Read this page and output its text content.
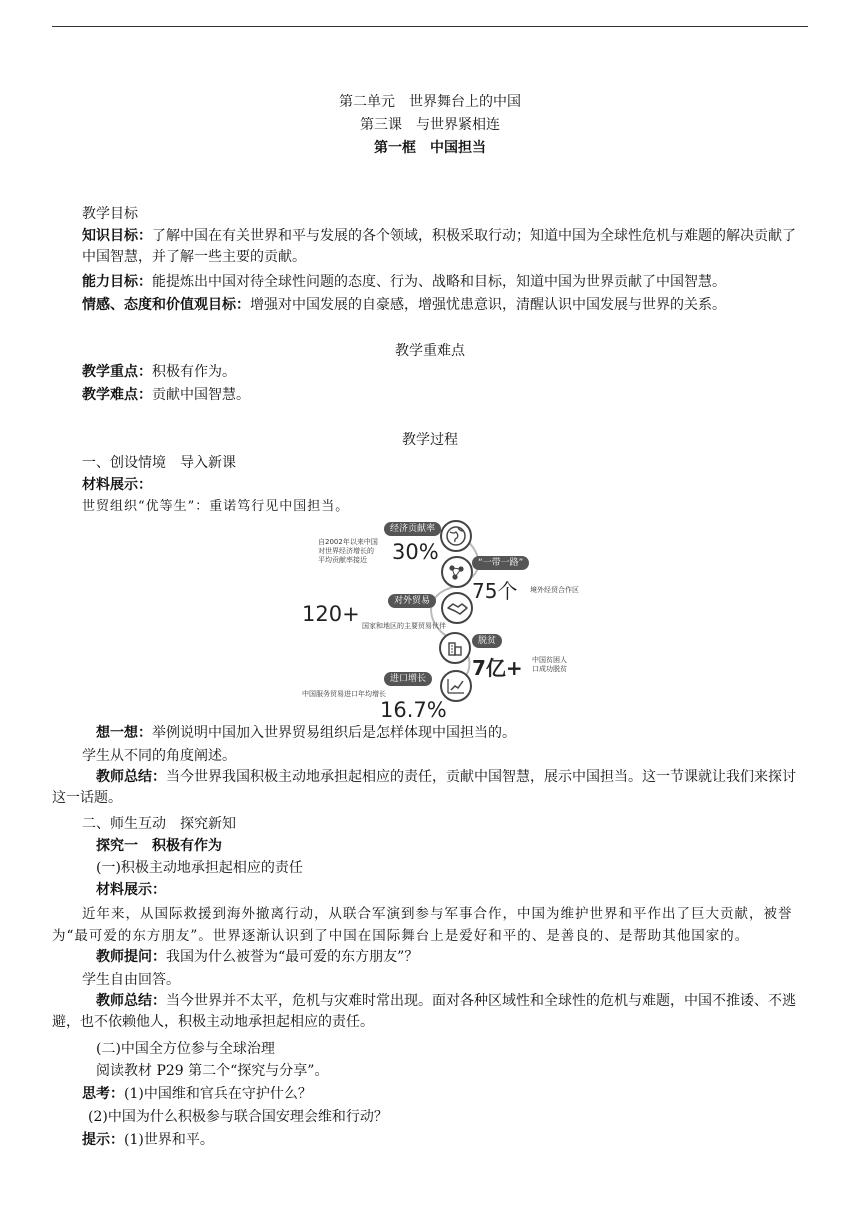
第二单元　世界舞台上的中国
第三课　与世界紧相连
第一框　中国担当
教学目标
知识目标：了解中国在有关世界和平与发展的各个领域，积极采取行动；知道中国为全球性危机与难题的解决贡献了中国智慧，并了解一些主要的贡献。
能力目标：能提炼出中国对待全球性问题的态度、行为、战略和目标，知道中国为世界贡献了中国智慧。
情感、态度和价值观目标：增强对中国发展的自豪感，增强忧患意识，清醒认识中国发展与世界的关系。
教学重难点
教学重点：积极有作为。
教学难点：贡献中国智慧。
教学过程
一、创设情境　导入新课
材料展示：
世贸组织“优等生”：重诺笃行见中国担当。
经济贡献率
自2002年以来中国
对世界经济增长的
平均贡献率接近 30%	“一带一路”
75个 境外经贸合作区
对外贸易
120+ 国家和地区的主要贸易伙伴
脱贫
7亿+ 中国贫困人
口成功脱贫
进口增长
中国服务贸易进口年均增长
16.7%
想一想：举例说明中国加入世界贸易组织后是怎样体现中国担当的。
学生从不同的角度阐述。
教师总结：当今世界我国积极主动地承担起相应的责任，贡献中国智慧，展示中国担当。这一节课就让我们来探讨这一话题。
二、师生互动　探究新知
探究一　积极有作为
(一)积极主动地承担起相应的责任
材料展示：
近年来，从国际救援到海外撤离行动，从联合军演到参与军事合作，中国为维护世界和平作出了巨大贡献，被誉为“最可爱的东方朋友”。世界逐渐认识到了中国在国际舞台上是爱好和平的、是善良的、是帮助其他国家的。
教师提问：我国为什么被誉为“最可爱的东方朋友”？
学生自由回答。
教师总结：当今世界并不太平，危机与灾难时常出现。面对各种区域性和全球性的危机与难题，中国不推诿、不逃避，也不依赖他人，积极主动地承担起相应的责任。
(二)中国全方位参与全球治理
阅读教材 P29 第二个“探究与分享”。
思考：(1)中国维和官兵在守护什么？
(2)中国为什么积极参与联合国安理会维和行动？
提示：(1)世界和平。
